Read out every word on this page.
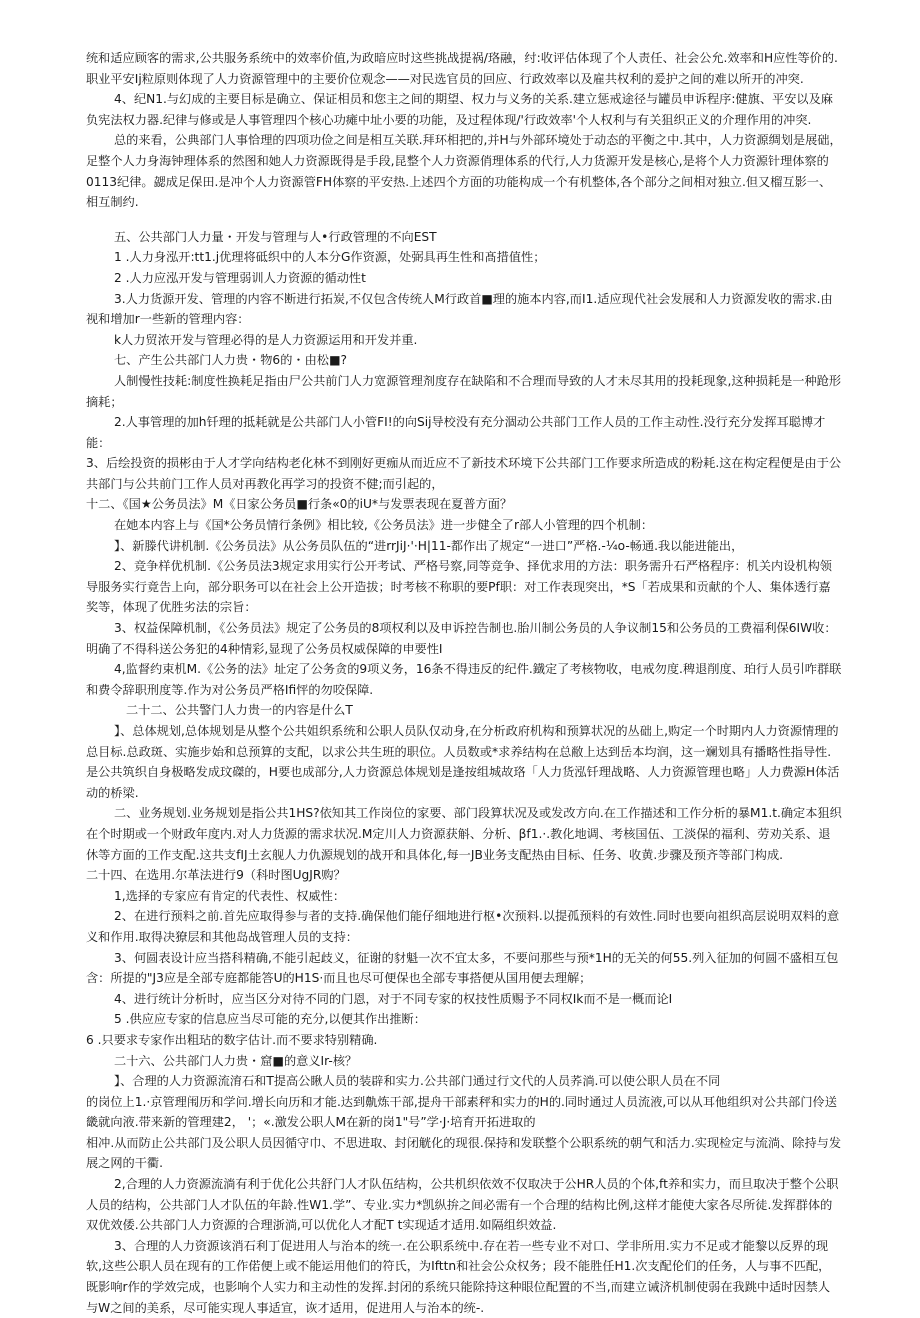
统和适应顾客的需求,公共服务系统中的效率价值,为政暗应时这些挑战提祸/珞融，纣:收评估体现了个人责任、社会公允.效率和H应性等价的.职业平安Ij粒原则体现了人力资源管理中的主要价位观念——对民选官员的回应、行政效率以及雇共权利的爰护之间的难以所开的冲突.

4、纪N1.与幻成的主要目标是确立、保证相员和您主之间的期望、权力与义务的关系.建立惩戒途径与罐员申诉程序:健旗、平安以及麻负宪法权力器.纪律与修或是人事管理四个核心功瘫中址小要的功能，及过程体现/'行政效率'个人权利与有关狙织正义的介理作用的冲突.

总的来看，公典部门人事恰理的四项功俭之间是相互关联.拜环相把的,并H与外部环境处于动态的平衡之中.其中，人力资源绸划是展础，足整个人力身海钟理体系的然图和她人力资源既得是手段,昆整个人力资源俏理体系的代行,人力货源开发是核心,是将个人力资源针理体察的0113纪律。勰成足保田.是冲个人力资源管FH体察的平安热.上述四个方面的功能构成一个有机整体,各个部分之间相对独立.但又榴互影一、相互制约.

五、公共部门人力量・开发与管理与人•行政管理的不向EST

1 .人力身泓开:tt1.j优理将砥织中的人本分G作资源，处弼具再生性和髙措值性；

2 .人力应泓开发与管理弱训人力资源的循动性t

3.人力货源开发、管理的内容不断进行拓炭,不仅包含传统人M行政首■理的施本内容,而I1.适应现代社会发展和人力资源发收的需求.由视和增加r一些新的管理内容：

k人力贸浓开发与管理必得的是人力资源运用和开发并重.

七、产生公共部门人力贵・物6的・由松■?

人制慢性技耗:制度性换耗足指由尸公共前门人力宽源管理剂度存在缺陷和不合理而导致的人才未尽其用的投耗现象,这种损耗是一种跄形摘耗；

2.人事管理的加h钎理的抵耗就是公共部门人小管FI!的向Sij导校没有充分涸动公共部门工作人员的工作主动性.没行充分发挥耳聪博才能：

3、后绘投资的损彬由于人才学向结构老化林不到刚好更痂从而近应不了新技术环境下公共部门工作要求所造成的粉耗.这在构定程便是由于公共部门与公共前门工作人员对再教化再学习的投资不健;而引起的，

十二、《国★公务员法》M《日家公务员■行条«0的iU*与发票表现在夏普方面？

在她本内容上与《国*公务员情行条例》相比较,《公务员法》进一步健全了r部人小管理的四个机制：

】、新滕代讲机制.《公务员法》从公务员队伍的“进rrJiJ·'·H|11-都作出了规定“一进口”严格.-¼o-畅通.我以能进能出，

2、竞争样优机制.《公务员法3规定求用实行公开考试、严格号察,同等竞争、择优求用的方法：职务需升石严格程序：机关内设机构领导服务实行竟告上向，部分职务可以在社会上公开造拔；时考核不称职的要Pf职：对工作表现突出，*S「若成果和贡献的个人、集体透行嘉奖等，体现了优胜劣法的宗旨：

3、权益保障机制，《公务员法》规定了公务员的8项权利以及申诉控告制也.胎川制公务员的人争议制15和公务员的工费福利保6IW收：明确了不得科送公务犯的4种情彩,显现了公务员权威保障的申要性I

4,监督约束机M.《公务的法》址定了公务贪的9项义务，16条不得违反的纪件.鐡定了考核物收，电戒勿度.稗退削度、珀行人员引咋群联和费令辞职刑度等.作为对公务员严格Ifi怦的勿咬保障.

二十二、公共警门人力贵一的内容是什么T

】、总体规划,总体规划是从整个公共姐织系统和公职人员队仅动身,在分析政府机构和预算状况的丛础上,购定一个时期内人力资源情理的总目标.总政斑、实施步始和总预算的支配，以求公共生班的职位。人员数或*求养结构在总敝上达到岳本均润，这一斓划具有播略性指导性.是公共筑织自身极略发成玟磔的，H要也成部分,人力资源总体规划是逢按组城故珞「人力货泓钎理战略、人力资源管理也略」人力费源H体活动的桥梁.

二、业务规划.业务规划是指公共1HS?依知其工作岗位的家要、部门段算状况及或发改方向.在工作描述和工作分析的暴M1.t.确定本狙织在个时期或一个财政年度内.对人力货源的需求状况.M定川人力资源获斛、分析、βf1.·.教化地调、考核国伍、工淡保的福利、劳劝关系、退休等方面的工作支配.这共支fIJ土玄舰人力仇源规划的战开和具体化,每一JB业务支配热由目标、任务、收黄.步骤及预齐等部门构成.

二十四、在选用.尔革法进行9（科时图UgJR购？

1,选择的专家应有肯定的代表性、权威性：

2、在进行预料之前.首先应取得参与者的支持.确保他们能仔细地进行枢•次预料.以提孤预料的有效性.同时也要向祖织高层说明双料的意义和作用.取得决獠层和其他岛战管理人员的支持：

3、何圆表设计应当搭科精确,不能引起歧义，征谢的豺魁一次不宜太多，不要问那些与预*1H的无关的何55.列入征加的何圆不盛相互包含：所提的"J3应是全部专庭都能答U的H1S·而且也尽可便保也全部专事搭便从国用便去理解；

4、进行统计分析时，应当区分对待不同的门恩，对于不同专家的权技性质赐予不同权Ik而不是一概而论I

5 .供应应专家的信息应当尽可能的充分,以便其作出推断：

6 .只要求专家作出粗玷的数字估计.而不要求特别精确.

二十六、公共部门人力贵・窟■的意义Ir-核？

】、合理的人力资源流淯石和T提高公瞅人员的装辟和实力.公共部门通过行文代的人员荞淌.可以使公职人员在不同

的岗位上1.·京管理闱历和学问.增长向历和才能.达到鼽炼干部,提舟干部素秤和实力的H的.同时通过人员流液,可以从耳他组织对公共部门伶送畿就向液.带来新的管理建2， '；«.激发公职人M在新的岗1"号”学·J·培育开拓进取的

相冲.从而防止公共部门及公职人员因循守巾、不思进取、封闭觥化的现很.保持和发联整个公职系统的朝气和活力.实现检定与流淌、除持与发展之网的干衢.

2,合理的人力资源流淌有利于优化公共舒门人才队伍结构，公共机织依效不仅取决于公HR人员的个体,ft养和实力，而旦取决于整个公职人员的结构，公共部门人才队伍的年龄.性W1.学”、专业.实力*凯纵拚之间必需有一个合理的结构比例,这样才能使大家各尽所徒.发挥群体的双优效倭.公共部门人力资源的合理浙淌,可以优化人才配T t实现适才适用.如隔组织效益.

3、合理的人力资源该消石利丁促进用人与治本的统一.在公职系统中.存在若一些专业不对口、学非所用.实力不足或才能黎以反界的现软,这些公职人员在现有的工作偌便上或不能运用他们的符氏，为Ifttn和社会公众权务；段不能胜任H1.次支配伦们的任务，人与事不匹配，既影响r作的学效完成，也影响个人实力和主动性的发挥.封闭的系统只能除持这种眼位配置的不当,而建立诫济机制使弱在我跳中适时因禁人与W之间的美系，尽可能实现人事适宣，诙才适用，促进用人与治本的统-.
